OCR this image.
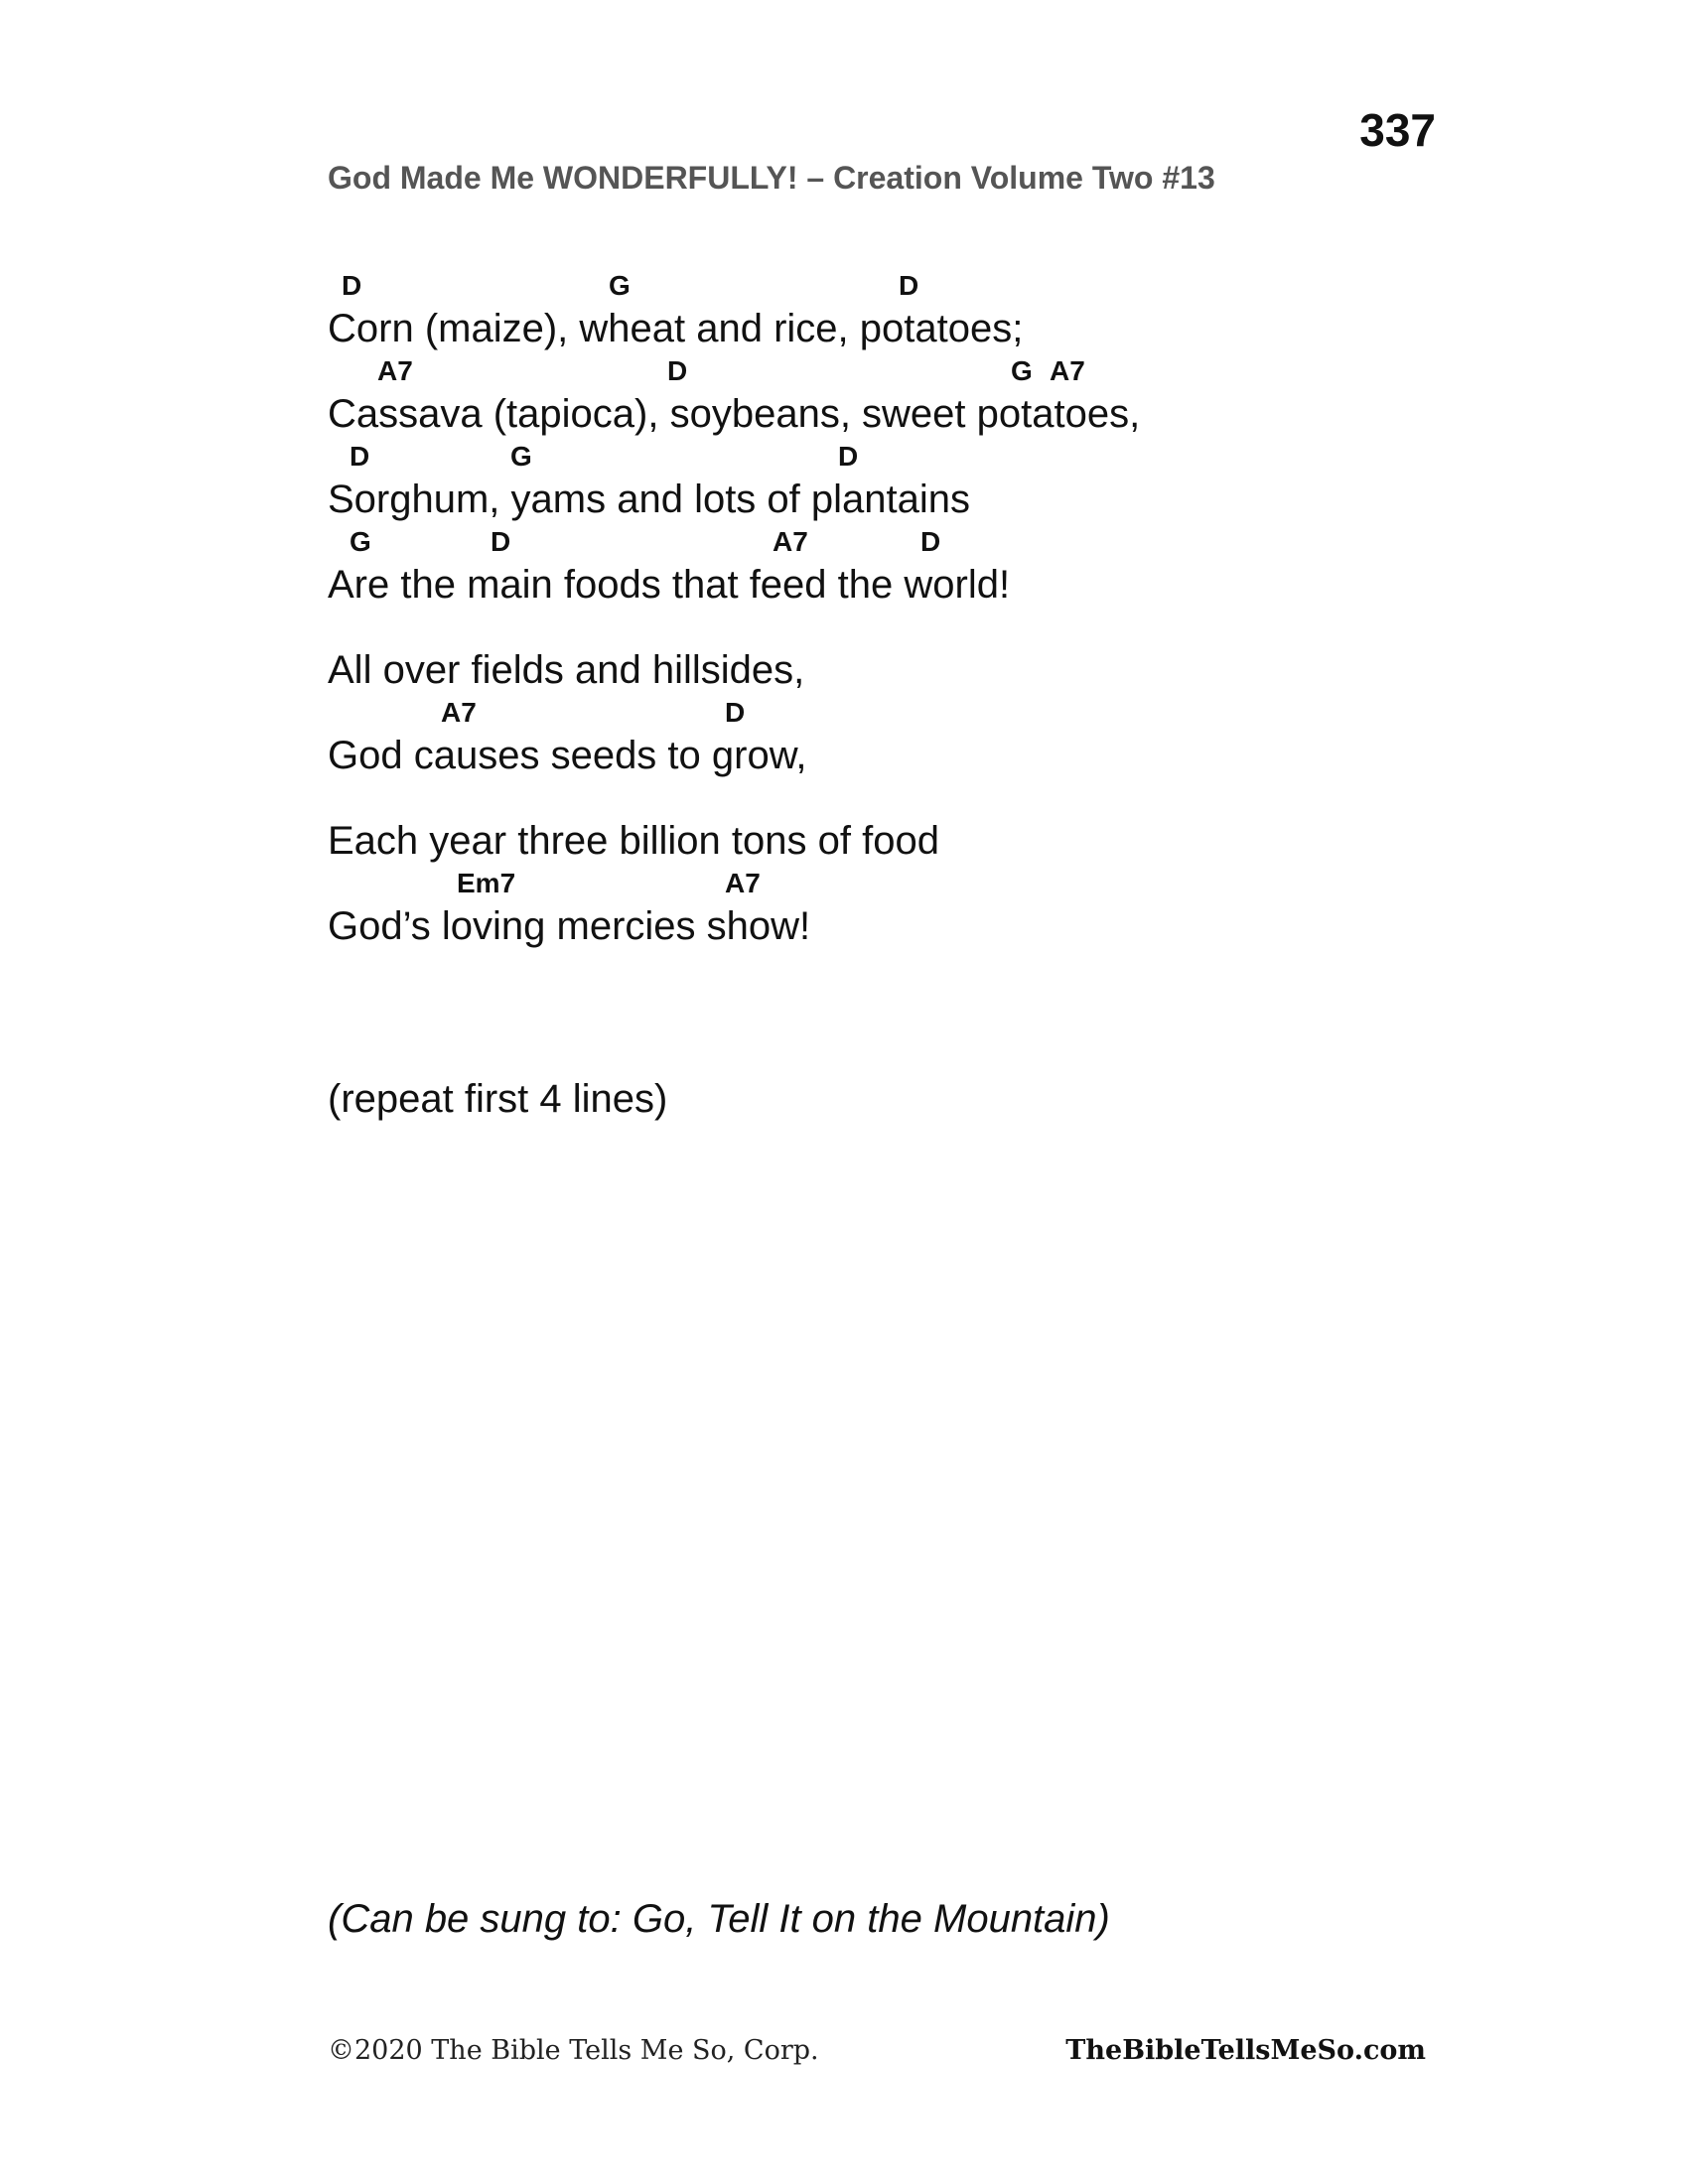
337
God Made Me WONDERFULLY! – Creation Volume Two #13
D	G	D
Corn (maize), wheat and rice, potatoes;
A7	D	G A7
Cassava (tapioca), soybeans, sweet potatoes,
D	G	D
Sorghum, yams and lots of plantains
G	D	A7	D
Are the main foods that feed the world!
All over fields and hillsides,
A7	D
God causes seeds to grow,
Each year three billion tons of food
Em7	A7
God’s loving mercies show!
(repeat first 4 lines)
(Can be sung to: Go, Tell It on the Mountain)
©2020 The Bible Tells Me So, Corp.	TheBibleTellsMeSo.com
